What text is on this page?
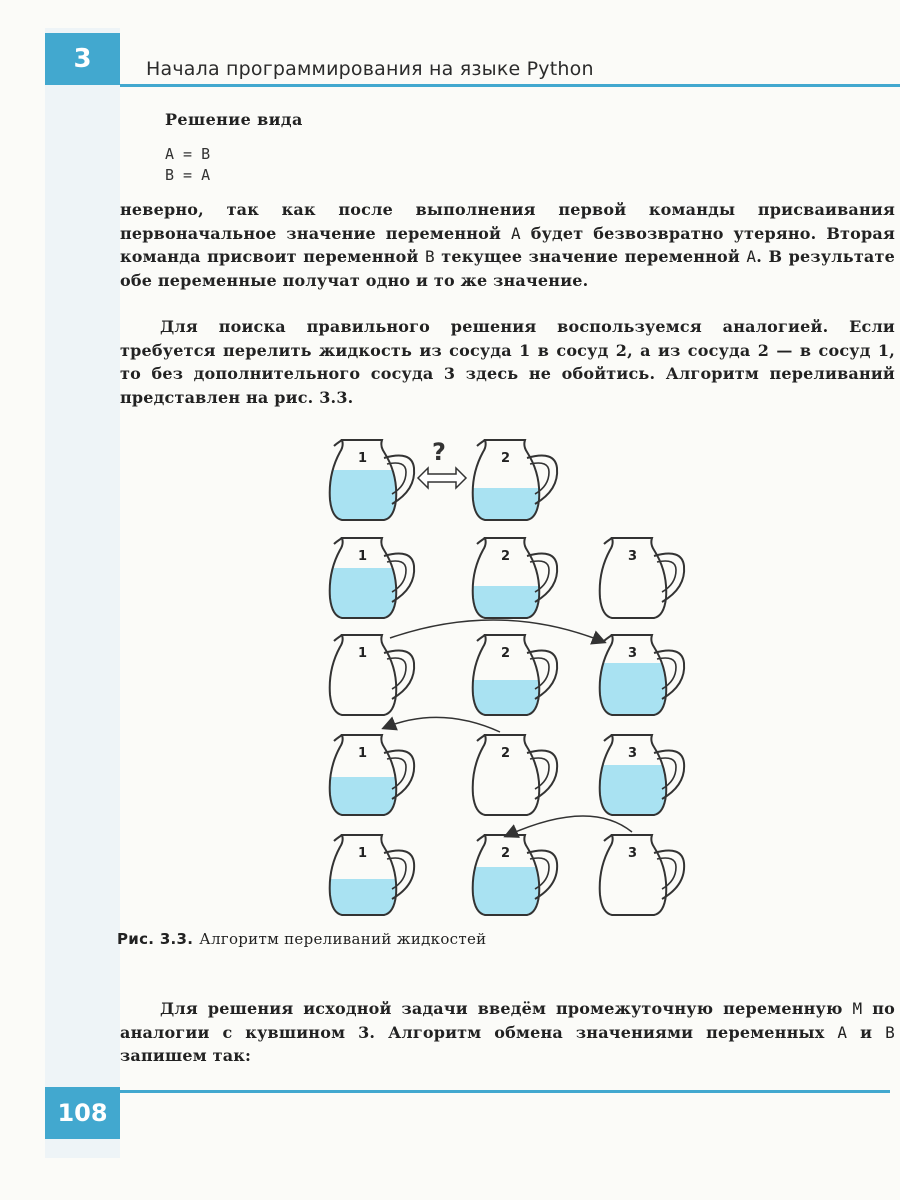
3	Начала программирования на языке Python
Решение вида
A = B
B = A
неверно, так как после выполнения первой команды присваивания первоначальное значение переменной A будет безвозвратно утеряно. Вторая команда присвоит переменной B текущее значение переменной A. В результате обе переменные получат одно и то же значение.
Для поиска правильного решения воспользуемся аналогией. Если требуется перелить жидкость из сосуда 1 в сосуд 2, а из сосуда 2 — в сосуд 1, то без дополнительного сосуда 3 здесь не обойтись. Алгоритм переливаний представлен на рис. 3.3.
1	2
?
1	2	3
1	2	3
1	2	3
1	2	3
Рис. 3.3. Алгоритм переливаний жидкостей
Для решения исходной задачи введём промежуточную переменную M по аналогии с кувшином 3. Алгоритм обмена значениями переменных A и B запишем так:
108
